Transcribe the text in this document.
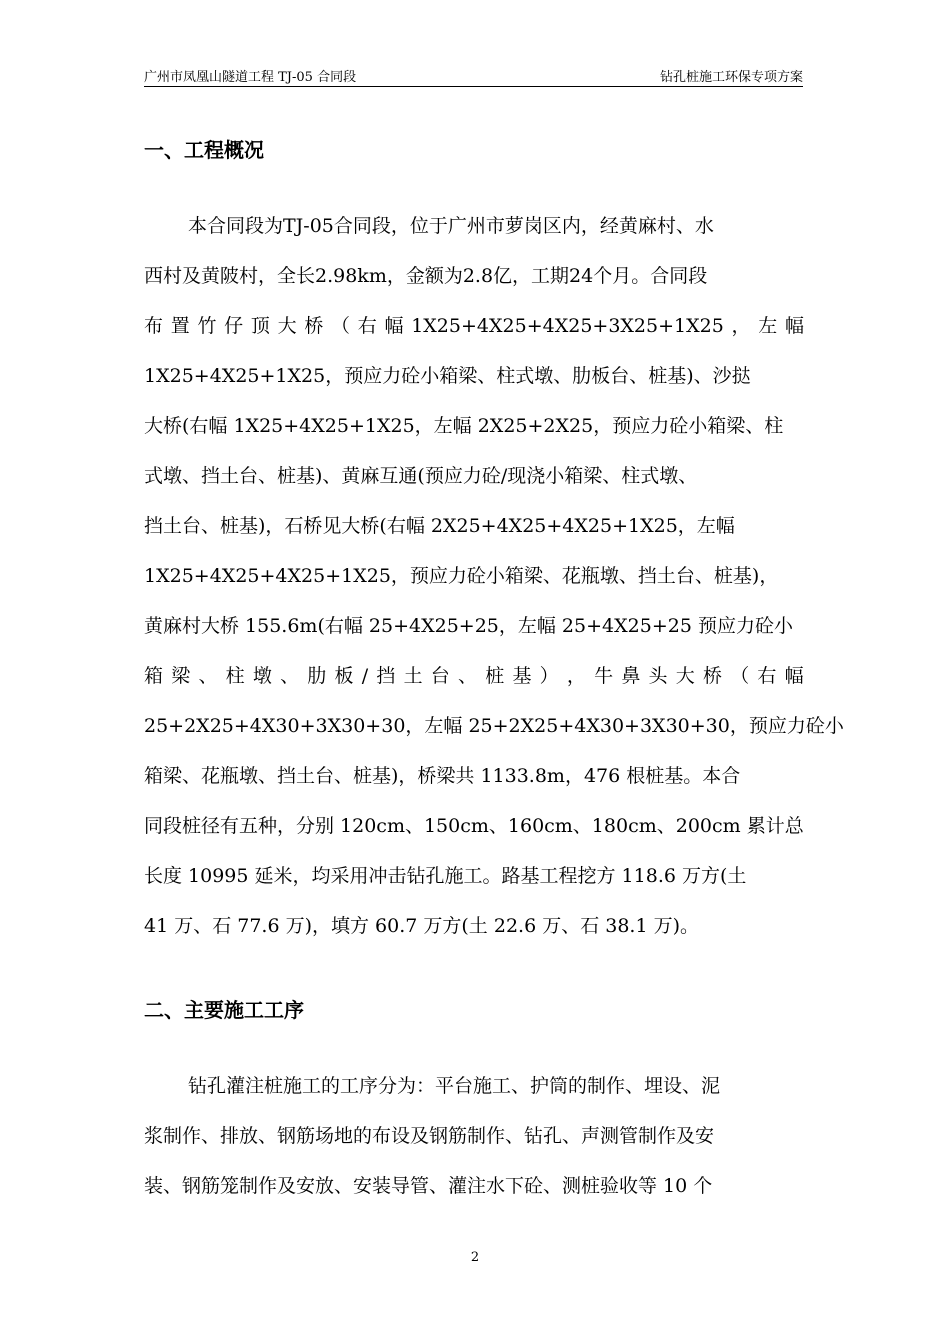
广州市凤凰山隧道工程 TJ-05 合同段	钻孔桩施工环保专项方案
一、工程概况
本合同段为TJ-05合同段，位于广州市萝岗区内，经黄麻村、水
西村及黄陂村，全长2.98km，金额为2.8亿，工期24个月。合同段
布 置 竹 仔 顶 大 桥 （ 右 幅 1X25+4X25+4X25+3X25+1X25 ， 左 幅
1X25+4X25+1X25，预应力砼小箱梁、柱式墩、肋板台、桩基)、沙挞
大桥(右幅 1X25+4X25+1X25，左幅 2X25+2X25，预应力砼小箱梁、柱
式墩、挡土台、桩基)、黄麻互通(预应力砼/现浇小箱梁、柱式墩、
挡土台、桩基)，石桥见大桥(右幅 2X25+4X25+4X25+1X25，左幅
1X25+4X25+4X25+1X25，预应力砼小箱梁、花瓶墩、挡土台、桩基)，
黄麻村大桥 155.6m(右幅 25+4X25+25，左幅 25+4X25+25 预应力砼小
箱 梁 、 柱 墩 、 肋 板 / 挡 土 台 、 桩 基 ） ， 牛 鼻 头 大 桥 （ 右 幅
25+2X25+4X30+3X30+30，左幅 25+2X25+4X30+3X30+30，预应力砼小
箱梁、花瓶墩、挡土台、桩基)，桥梁共 1133.8m，476 根桩基。本合
同段桩径有五种，分别 120cm、150cm、160cm、180cm、200cm 累计总
长度 10995 延米，均采用冲击钻孔施工。路基工程挖方 118.6 万方(土
41 万、石 77.6 万)，填方 60.7 万方(土 22.6 万、石 38.1 万)。
二、主要施工工序
钻孔灌注桩施工的工序分为：平台施工、护筒的制作、埋设、泥
浆制作、排放、钢筋场地的布设及钢筋制作、钻孔、声测管制作及安
装、钢筋笼制作及安放、安装导管、灌注水下砼、测桩验收等 10 个
2
